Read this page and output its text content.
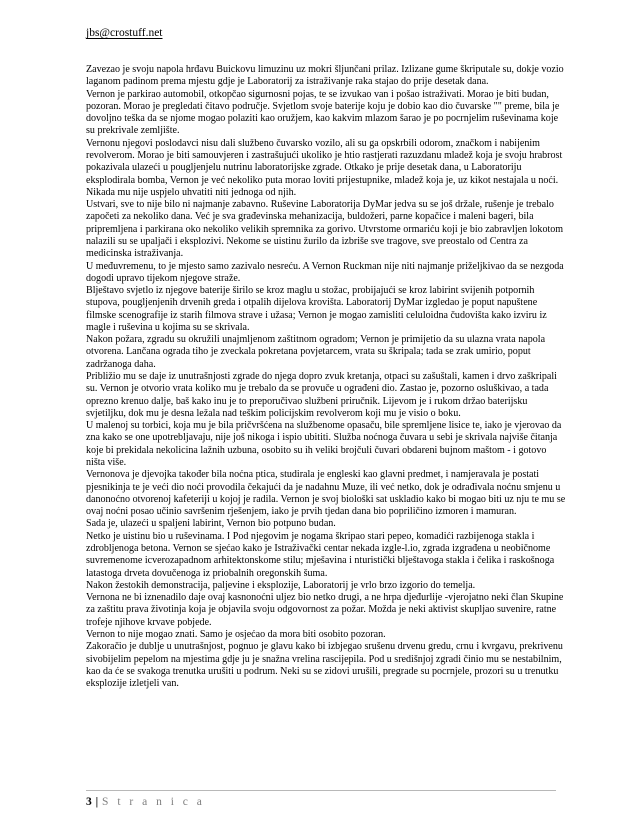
jbs@crostuff.net

Zavezao je svoju napola hrđavu Buickovu limuzinu uz mokri šljunčani prilaz. Izlizane gume škriputale su, dokje vozio laganom padinom prema mjestu gdje je Laboratorij za istraživanje raka stajao do prije desetak dana.

Vernon je parkirao automobil, otkopčao sigurnosni pojas, te se izvukao van i pošao istraživati. Morao je biti budan, pozoran. Morao je pregledati čitavo područje. Svjetlom svoje baterije koju je dobio kao dio čuvarske "" preme, bila je dovoljno teška da se njome mogao polaziti kao oružjem, kao kakvim mlazom šarao je po pocrnjelim ruševinama koje su prekrivale zemljište.

Vernonu njegovi poslodavci nisu dali službeno čuvarsko vozilo, ali su ga opskrbili odorom, značkom i nabijenim revolverom. Morao je biti samouvjeren i zastrašujući ukoliko je htio rastjerati razuzdanu mladež koja je svoju hrabrost pokazivala ulazeći u pougljenjelu nutrinu laboratorijske zgrade. Otkako je prije desetak dana, u Laboratoriju eksplodirala bomba, Vernon je već nekoliko puta morao loviti prijestupnike, mladež koja je, uz kikot nestajala u noći. Nikada mu nije uspjelo uhvatiti niti jednoga od njih.

Ustvari, sve to nije bilo ni najmanje zabavno. Ruševine Laboratorija DyMar jedva su se još držale, rušenje je trebalo započeti za nekoliko dana. Već je sva građevinska mehanizacija, buldožeri, parne kopačice i maleni bageri, bila pripremljena i parkirana oko nekoliko velikih spremnika za gorivo. Utvrstome ormariću koji je bio zabravljen lokotom nalazili su se upaljači i eksplozivi. Nekome se uistinu žurilo da izbriše sve tragove, sve preostalo od Centra za medicinska istraživanja.

U međuvremenu, to je mjesto samo zazivalo nesreću. A Vernon Ruckman nije niti najmanje priželjkivao da se nezgoda dogodi upravo tijekom njegove straže.

Blještavo svjetlo iz njegove baterije širilo se kroz maglu u stožac, probijajući se kroz labirint svijenih potpornih stupova, pougljenjenih drvenih greda i otpalih dijelova krovišta. Laboratorij DyMar izgledao je poput napuštene filmske scenografije iz starih filmova strave i užasa; Vernon je mogao zamisliti celuloidna čudovišta kako izviru iz magle i ruševina u kojima su se skrivala.

Nakon požara, zgradu su okružili unajmljenom zaštitnom ogradom; Vernon je primijetio da su ulazna vrata napola otvorena. Lančana ograda tiho je zveckala pokretana povjetarcem, vrata su škripala; tada se zrak umirio, poput zadržanoga daha.

Približio mu se daje iz unutrašnjosti zgrade do njega dopro zvuk kretanja, otpaci su zašuštali, kamen i drvo zaškripali su. Vernon je otvorio vrata koliko mu je trebalo da se provuče u ograđeni dio. Zastao je, pozorno osluškivao, a tada oprezno krenuo dalje, baš kako inu je to preporučivao službeni priručnik. Lijevom je i rukom držao baterijsku svjetiljku, dok mu je desna ležala nad teškim policijskim revolverom koji mu je visio o boku.

U malenoj su torbici, koja mu je bila pričvršćena na službenome opasaču, bile spremljene lisice te, iako je vjerovao da zna kako se one upotrebljavaju, nije još nikoga i ispio ubititi. Služba noćnoga čuvara u sebi je skrivala najviše čitanja koje bi prekidala nekolicina lažnih uzbuna, osobito su ih veliki brojčuli čuvari obdareni bujnom maštom - i gotovo ništa više.

Vernonova je djevojka također bila noćna ptica, studirala je engleski kao glavni predmet, i namjeravala je postati pjesnikinja te je veći dio noći provodila čekajući da je nadahnu Muze, ili već netko, dok je odrađivala noćnu smjenu u danonoćno otvorenoj kafeteriji u kojoj je radila. Vernon je svoj biološki sat uskladio kako bi mogao biti uz nju te mu se ovaj noćni posao učinio savršenim rješenjem, iako je prvih tjedan dana bio popriličino izmoren i mamuran.

Sada je, ulazeći u spaljeni labirint, Vernon bio potpuno budan.

Netko je uistinu bio u ruševinama. I Pod njegovim je nogama škripao stari pepeo, komadići razbijenoga stakla i zdrobljenoga betona. Vernon se sjećao kako je Istraživački centar nekada izgle-l.io, zgrada izgrađena u neobičnome suvremenome icverozapadnom arhitektonskome stilu; mješavina i nturistički blještavoga stakla i čelika i raskošnoga latastoga drveta dovučenoga iz priobalnih oregonskih šuma.

Nakon žestokih demonstracija, paljevine i eksplozije, Laboratorij je vrlo brzo izgorio do temelja.

Vernona ne bi iznenadilo daje ovaj kasnonoćni uljez bio netko drugi, a ne hrpa djeđurlije -vjerojatno neki član Skupine za zaštitu prava životinja koja je objavila svoju odgovornost za požar. Možda je neki aktivist skupljao suvenire, ratne trofeje njihove krvave pobjede.

Vernon to nije mogao znati. Samo je osjećao da mora biti osobito pozoran.

Zakoračio je dublje u unutrašnjost, pognuo je glavu kako bi izbjegao srušenu drvenu gredu, crnu i kvrgavu, prekrivenu sivobijelim pepelom na mjestima gdje ju je snažna vrelina rascijepila. Pod u središnjoj zgradi činio mu se nestabilnim, kao da će se svakoga trenutka urušiti u podrum. Neki su se zidovi urušili, pregrade su pocrnjele, prozori su u trenutku eksplozije izletjeli van.

3 | S t r a n i c a
